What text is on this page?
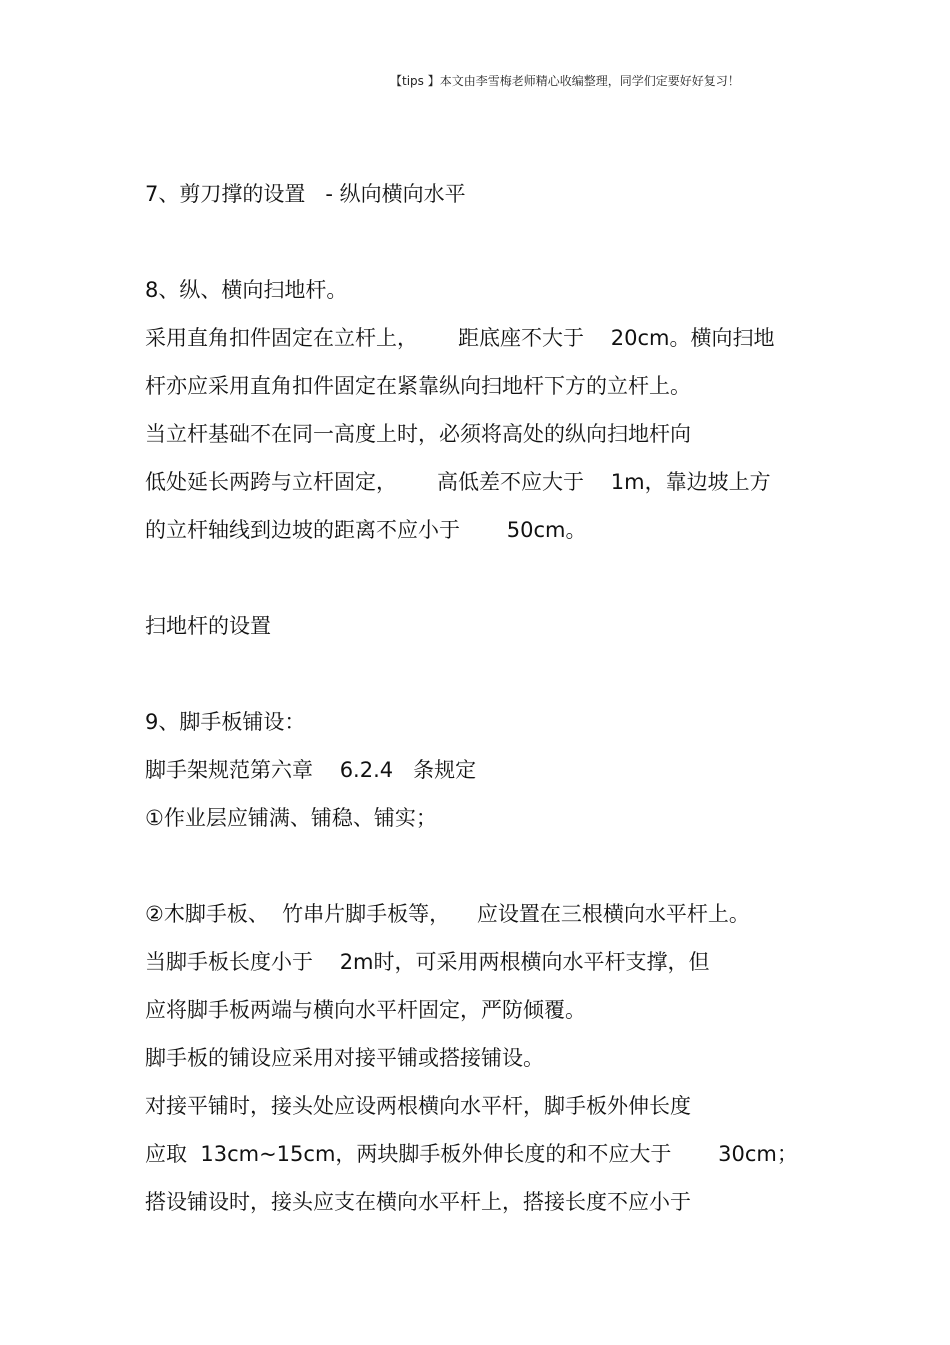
【tips 】本文由李雪梅老师精心收编整理，同学们定要好好复习！
7、剪刀撑的设置   - 纵向横向水平
8、纵、横向扫地杆。
采用直角扣件固定在立杆上，      距底座不大于    20cm。横向扫地
杆亦应采用直角扣件固定在紧靠纵向扫地杆下方的立杆上。
当立杆基础不在同一高度上时，必须将高处的纵向扫地杆向
低处延长两跨与立杆固定，      高低差不应大于    1m，靠边坡上方
的立杆轴线到边坡的距离不应小于       50cm。
扫地杆的设置
9、脚手板铺设：
脚手架规范第六章    6.2.4   条规定
①作业层应铺满、铺稳、铺实；
②木脚手板、  竹串片脚手板等，    应设置在三根横向水平杆上。
当脚手板长度小于    2m时，可采用两根横向水平杆支撑，但
应将脚手板两端与横向水平杆固定，严防倾覆。
脚手板的铺设应采用对接平铺或搭接铺设。
对接平铺时，接头处应设两根横向水平杆，脚手板外伸长度
应取  13cm~15cm，两块脚手板外伸长度的和不应大于       30cm；
搭设铺设时，接头应支在横向水平杆上，搭接长度不应小于
